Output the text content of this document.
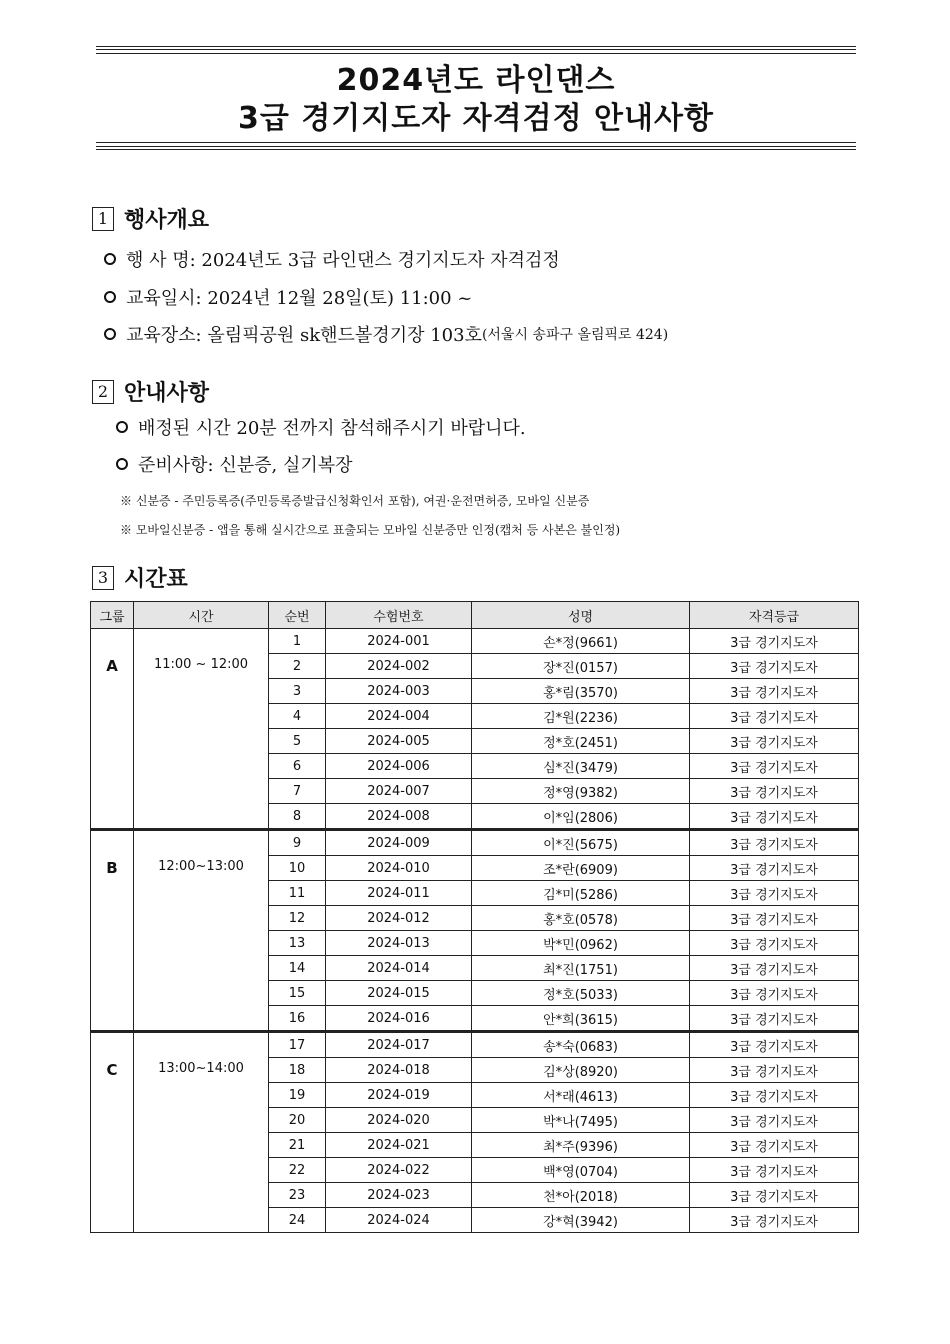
2024년도 라인댄스
3급 경기지도자 자격검정 안내사항
1 행사개요
행 사 명: 2024년도 3급 라인댄스 경기지도자 자격검정
교육일시: 2024년 12월 28일(토) 11:00 ~
교육장소: 올림픽공원 sk핸드볼경기장 103호 (서울시 송파구 올림픽로 424)
2 안내사항
배정된 시간 20분 전까지 참석해주시기 바랍니다.
준비사항: 신분증, 실기복장
※ 신분증 - 주민등록증(주민등록증발급신청확인서 포함), 여권·운전면허증, 모바일 신분증
※ 모바일신분증 - 앱을 통해 실시간으로 표출되는 모바일 신분증만 인정(캡처 등 사본은 불인정)
3 시간표
그룹	시간	순번	수험번호	성명	자격등급
A	11:00 ~ 12:00	1	2024-001	손*정(9661)	3급 경기지도자
		2	2024-002	장*진(0157)	3급 경기지도자
		3	2024-003	홍*림(3570)	3급 경기지도자
		4	2024-004	김*원(2236)	3급 경기지도자
		5	2024-005	정*호(2451)	3급 경기지도자
		6	2024-006	심*진(3479)	3급 경기지도자
		7	2024-007	정*영(9382)	3급 경기지도자
		8	2024-008	이*임(2806)	3급 경기지도자
B	12:00~13:00	9	2024-009	이*진(5675)	3급 경기지도자
		10	2024-010	조*란(6909)	3급 경기지도자
		11	2024-011	김*미(5286)	3급 경기지도자
		12	2024-012	홍*호(0578)	3급 경기지도자
		13	2024-013	박*민(0962)	3급 경기지도자
		14	2024-014	최*진(1751)	3급 경기지도자
		15	2024-015	정*호(5033)	3급 경기지도자
		16	2024-016	안*희(3615)	3급 경기지도자
C	13:00~14:00	17	2024-017	송*숙(0683)	3급 경기지도자
		18	2024-018	김*상(8920)	3급 경기지도자
		19	2024-019	서*래(4613)	3급 경기지도자
		20	2024-020	박*나(7495)	3급 경기지도자
		21	2024-021	최*주(9396)	3급 경기지도자
		22	2024-022	백*영(0704)	3급 경기지도자
		23	2024-023	천*아(2018)	3급 경기지도자
		24	2024-024	강*혁(3942)	3급 경기지도자
